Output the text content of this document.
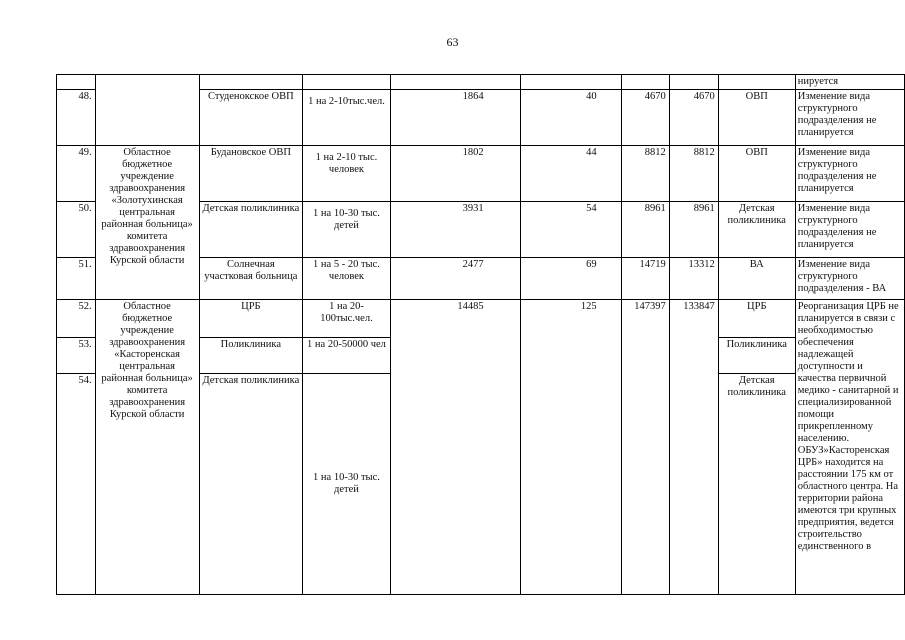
63
									нируется
48.		Студенокское ОВП	1 на 2-10тыс.чел.	1864	40	4670	4670	ОВП	Изменение вида структурного подразделения не планируется
49.	Областное бюджетное учреждение здравоохранения «Золотухинская центральная районная больница» комитета здравоохранения Курской области	Будановское ОВП	1 на 2-10 тыс. человек	1802	44	8812	8812	ОВП	Изменение вида структурного подразделения не планируется
50.		Детская поликлиника	1 на 10-30 тыс. детей	3931	54	8961	8961	Детская поликлиника	Изменение вида структурного подразделения не планируется
51.		Солнечная участковая больница	1 на 5 - 20 тыс. человек	2477	69	14719	13312	ВА	Изменение вида структурного подразделения - ВА
52.	Областное бюджетное учреждение здравоохранения «Касторенская центральная районная больница» комитета здравоохранения Курской области	ЦРБ	1 на 20-100тыс.чел.	14485	125	147397	133847	ЦРБ	Реорганизация ЦРБ не планируется в связи с необходимостью обеспечения надлежащей доступности и качества первичной медико - санитарной и специализированной помощи прикрепленному населению. ОБУЗ»Касторенская ЦРБ» находится на расстоянии 175 км от областного центра. На территории района имеются три крупных предприятия, ведется строительство единственного в
53.		Поликлиника	1 на 20-50000 чел					Поликлиника	
54.		Детская поликлиника	1 на 10-30 тыс. детей					Детская поликлиника	
